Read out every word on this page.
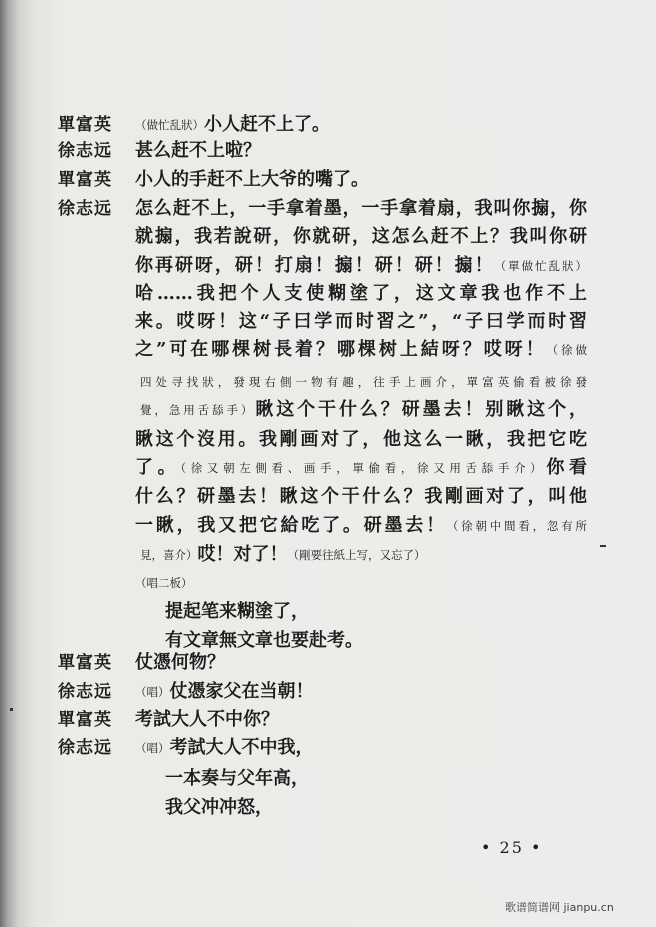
單富英 （做忙乱狀）小人赶不上了。
徐志远 甚么赶不上啦？
單富英 小人的手赶不上大爷的嘴了。
徐志远 怎么赶不上，一手拿着墨，一手拿着扇，我叫你搧，你
就搧，我若說研，你就研，这怎么赶不上？我叫你研
你再研呀，研！打扇！搧！研！研！搧！（單做忙乱狀）
哈……我把个人支使糊塗了，这文章我也作不上
来。哎呀！这“子曰学而时習之”，“子曰学而时習
之”可在哪棵树長着？哪棵树上結呀？哎呀！（徐做
四处寻找狀，發現右側一物有趣，往手上画介，單富英偷看被徐發
覺，急用舌舔手）瞅这个干什么？研墨去！别瞅这个，
瞅这个沒用。我剛画对了，他这么一瞅，我把它吃
了。（徐又朝左側看、画手，單偷看，徐又用舌舔手介）你看
什么？研墨去！瞅这个干什么？我剛画对了，叫他
一瞅，我又把它給吃了。研墨去！（徐朝中間看，忽有所
見，喜介）哎！对了！（剛要往紙上写，又忘了）
（唱二板）
提起笔来糊塗了，
有文章無文章也要赴考。
單富英 仗憑何物？
徐志远 （唱）仗憑家父在当朝！
單富英 考試大人不中你？
徐志远 （唱）考試大人不中我，
一本奏与父年高，
我父冲冲怒，
• 25 •
歌谱简谱网 jianpu.cn
